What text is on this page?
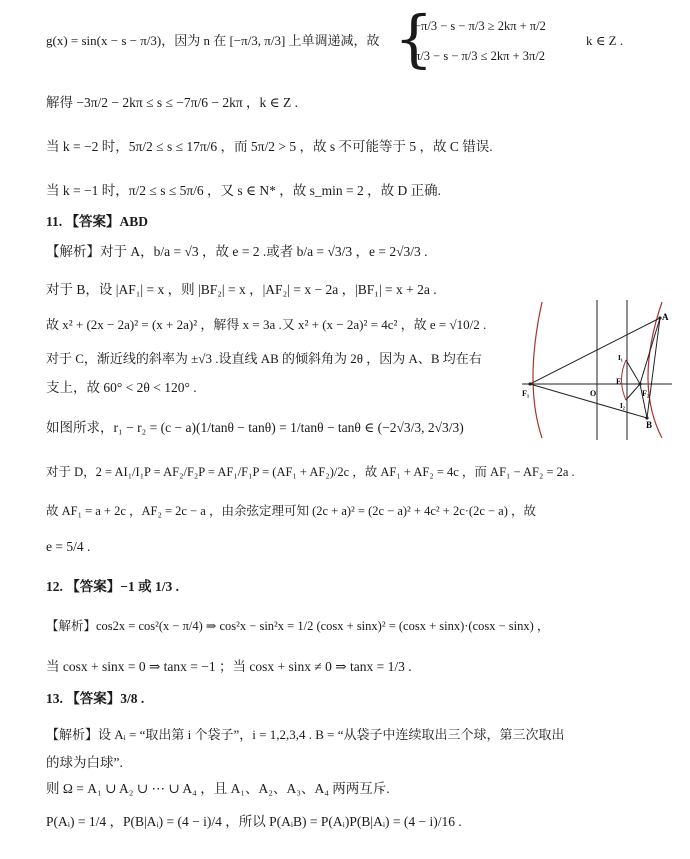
g(x) = sin(x − s − π/3)，因为 n 在 [−π/3, π/3] 上单调递减，故 {
−π/3 − s − π/3 ≥ 2kπ + π/2
π/3 − s − π/3 ≤ 2kπ + 3π/2
k ∈ Z .
解得 −3π/2 − 2kπ ≤ s ≤ −7π/6 − 2kπ ，k ∈ Z .
当 k = −2 时，5π/2 ≤ s ≤ 17π/6 ，而 5π/2 > 5 ，故 s 不可能等于 5 ，故 C 错误.
当 k = −1 时，π/2 ≤ s ≤ 5π/6 ，又 s ∈ N* ，故 s_min = 2 ，故 D 正确.
11. 【答案】ABD
【解析】对于 A，b/a = √3 ，故 e = 2 .或者 b/a = √3/3 ，e = 2√3/3 .
对于 B，设 |AF₁| = x ，则 |BF₂| = x ，|AF₂| = x − 2a ，|BF₁| = x + 2a .
故 x² + (2x − 2a)² = (x + 2a)² ，解得 x = 3a .又 x² + (x − 2a)² = 4c² ，故 e = √10/2 .
对于 C，渐近线的斜率为 ±√3 .设直线 AB 的倾斜角为 2θ ，因为 A、B 均在右
支上，故 60° < 2θ < 120° .
如图所求，r₁ − r₂ = (c − a)(1/tanθ − tanθ) = 1/tanθ − tanθ ∈ (−2√3/3, 2√3/3)
对于 D，2 = AI₁/I₁P = AF₂/F₂P = AF₁/F₁P = (AF₁ + AF₂)/2c ，故 AF₁ + AF₂ = 4c ，而 AF₁ − AF₂ = 2a .
故 AF₁ = a + 2c ，AF₂ = 2c − a ，由余弦定理可知 (2c + a)² = (2c − a)² + 4c² + 2c·(2c − a) ，故
e = 5/4 .
12. 【答案】−1 或 1/3 .
【解析】cos2x = cos²(x − π/4) ⇒ cos²x − sin²x = 1/2 (cosx + sinx)² = (cosx + sinx)·(cosx − sinx) ，
当 cosx + sinx = 0 ⇒ tanx = −1 ；当 cosx + sinx ≠ 0 ⇒ tanx = 1/3 .
13. 【答案】3/8 .
【解析】设 Aᵢ = “取出第 i 个袋子”，i = 1,2,3,4 . B = “从袋子中连续取出三个球，第三次取出
的球为白球”.
则 Ω = A₁ ∪ A₂ ∪ ⋯ ∪ A₄ ，且 A₁、A₂、A₃、A₄ 两两互斥.
P(Aᵢ) = 1/4 ，P(B|Aᵢ) = (4 − i)/4 ，所以 P(AᵢB) = P(Aᵢ)P(B|Aᵢ) = (4 − i)/16 .
A
B
F₁	F₂
O
E
I₁
I₂
